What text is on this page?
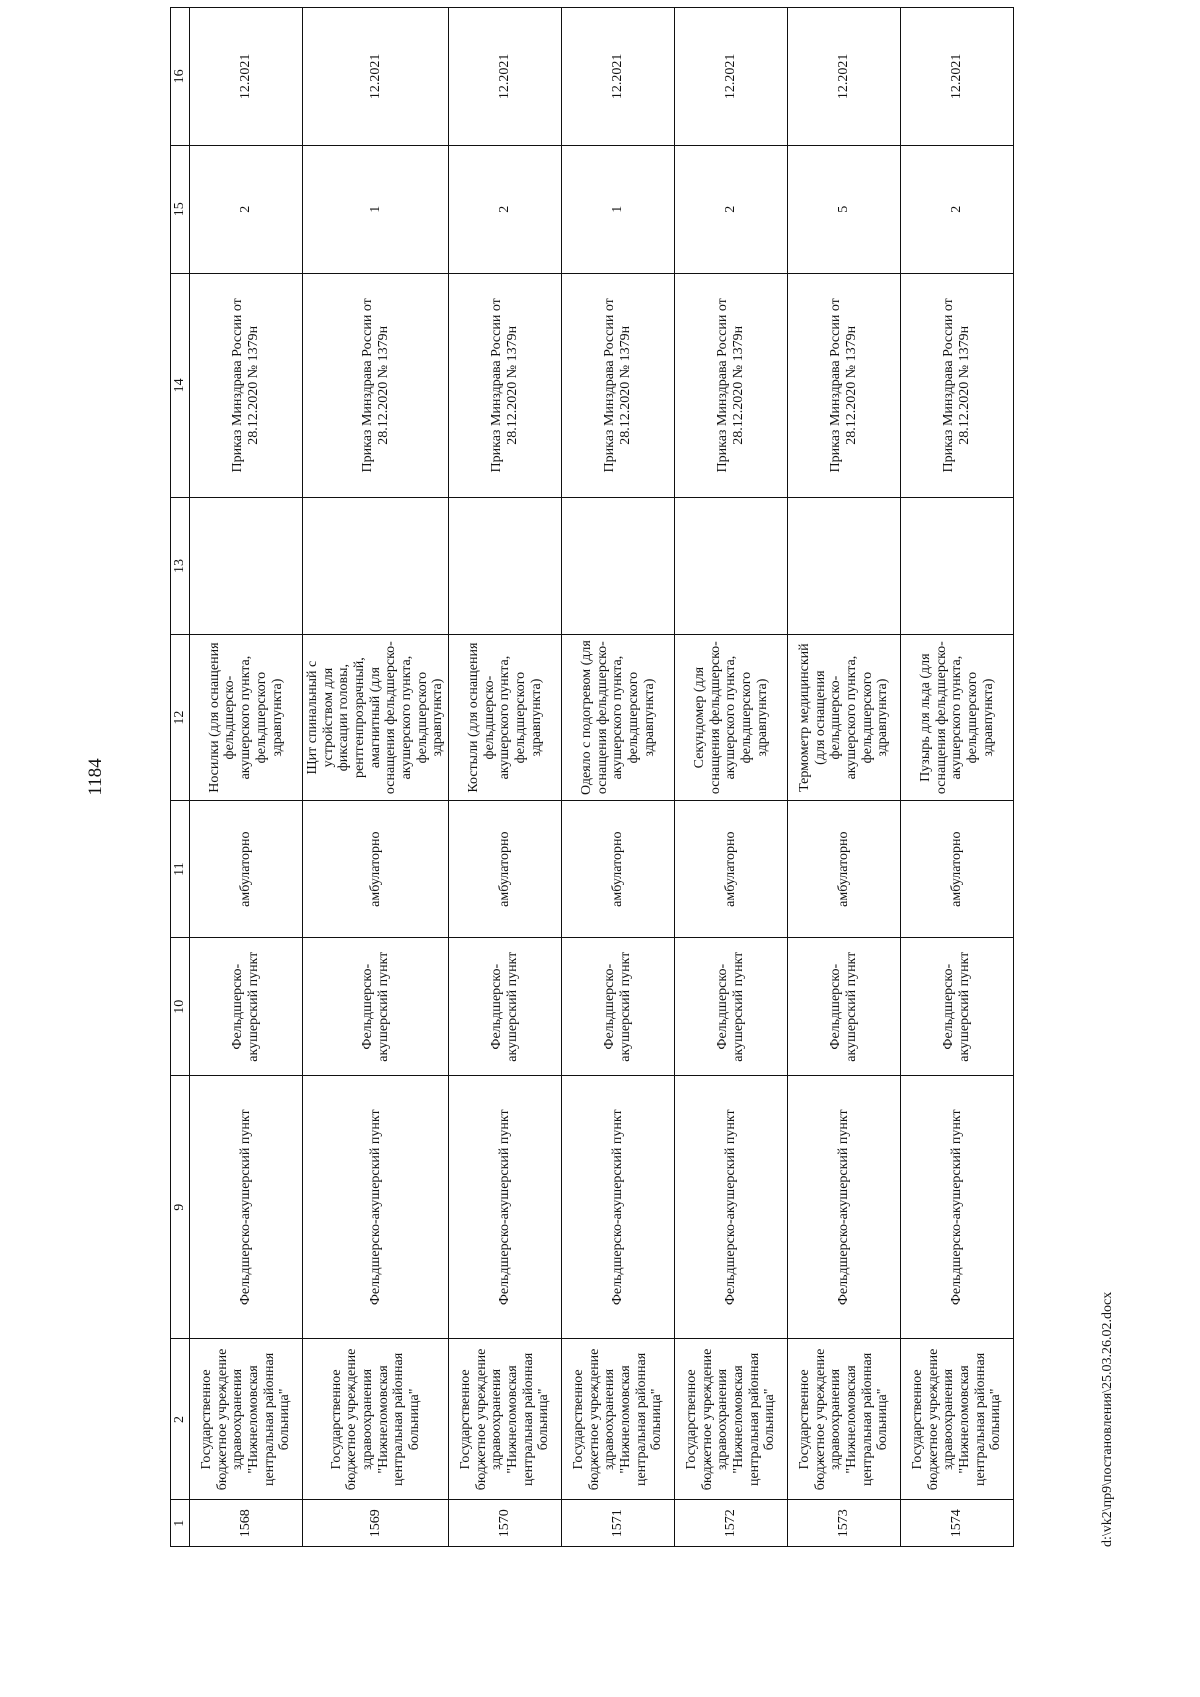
1184
1	2	9	10	11	12	13	14	15	16
1568	Государственное бюджетное учреждение здравоохранения "Нижнеломовская центральная районная больница"	Фельдшерско-акушерский пункт	Фельдшерско-акушерский пункт	амбулаторно	Носилки (для оснащения фельдшерско-акушерского пункта, фельдшерского здравпункта)		Приказ Минздрава России от 28.12.2020 № 1379н	2	12.2021
1569	Государственное бюджетное учреждение здравоохранения "Нижнеломовская центральная районная больница"	Фельдшерско-акушерский пункт	Фельдшерско-акушерский пункт	амбулаторно	Щит спинальный с устройством для фиксации головы, рентгенпрозрачный, амагнитный (для оснащения фельдшерско-акушерского пункта, фельдшерского здравпункта)		Приказ Минздрава России от 28.12.2020 № 1379н	1	12.2021
1570	Государственное бюджетное учреждение здравоохранения "Нижнеломовская центральная районная больница"	Фельдшерско-акушерский пункт	Фельдшерско-акушерский пункт	амбулаторно	Костыли (для оснащения фельдшерско-акушерского пункта, фельдшерского здравпункта)		Приказ Минздрава России от 28.12.2020 № 1379н	2	12.2021
1571	Государственное бюджетное учреждение здравоохранения "Нижнеломовская центральная районная больница"	Фельдшерско-акушерский пункт	Фельдшерско-акушерский пункт	амбулаторно	Одеяло с подогревом (для оснащения фельдшерско-акушерского пункта, фельдшерского здравпункта)		Приказ Минздрава России от 28.12.2020 № 1379н	1	12.2021
1572	Государственное бюджетное учреждение здравоохранения "Нижнеломовская центральная районная больница"	Фельдшерско-акушерский пункт	Фельдшерско-акушерский пункт	амбулаторно	Секундомер (для оснащения фельдшерско-акушерского пункта, фельдшерского здравпункта)		Приказ Минздрава России от 28.12.2020 № 1379н	2	12.2021
1573	Государственное бюджетное учреждение здравоохранения "Нижнеломовская центральная районная больница"	Фельдшерско-акушерский пункт	Фельдшерско-акушерский пункт	амбулаторно	Термометр медицинский (для оснащения фельдшерско-акушерского пункта, фельдшерского здравпункта)		Приказ Минздрава России от 28.12.2020 № 1379н	5	12.2021
1574	Государственное бюджетное учреждение здравоохранения "Нижнеломовская центральная районная больница"	Фельдшерско-акушерский пункт	Фельдшерско-акушерский пункт	амбулаторно	Пузырь для льда (для оснащения фельдшерско-акушерского пункта, фельдшерского здравпункта)		Приказ Минздрава России от 28.12.2020 № 1379н	2	12.2021
d:\vk2\пр9\постановления\25.03.26.02.docx
